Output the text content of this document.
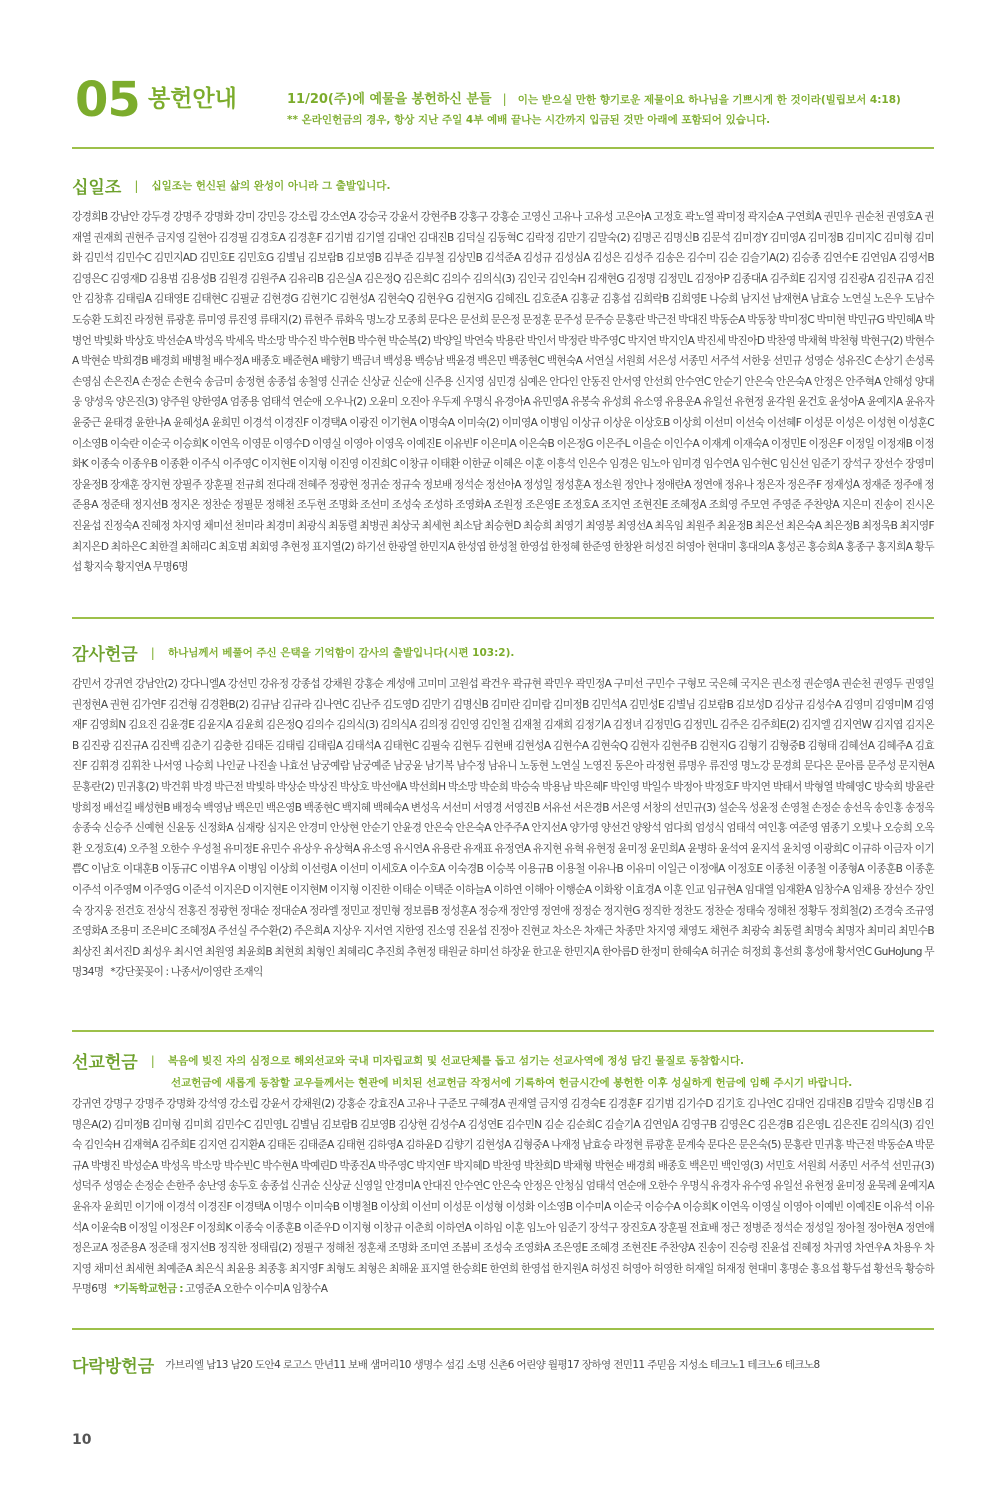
05 봉헌안내	11/20(주)에 예물을 봉헌하신 분들 | 이는 받으실 만한 향기로운 제물이요 하나님을 기쁘시게 한 것이라(빌립보서 4:18)
** 온라인헌금의 경우, 항상 지난 주일 4부 예배 끝나는 시간까지 입금된 것만 아래에 포함되어 있습니다.
십일조 | 십일조는 헌신된 삶의 완성이 아니라 그 출발입니다.
강경희B 강남안 강두경 강명주 강명화 강미 강민응 강소립 강소연A 강승국 강윤서 강현주B 강홍구 강홍순 고영신 고유나 고유성 고은아A 고정호 곽노열 곽미정 곽지순A 구연희A 권민우 권순천 권영호A 권재열 권재희 권현주 금지영 길현아 김경필 김경호A 김경훈F 김기범 김기열 김대언 김대진B 김덕실 김동혁C 김락정 김만기 김말숙(2) 김명곤 김명신B 김문석 김미경Y 김미영A 김미정B 김미지C 김미형 김미화 김민석 김민수C 김민지AD 김민호E 김민호G 김별님 김보람B 김보영B 김부준 김부철 김상민B 김석준A 김성규 김성심A 김성은 김성주 김송은 김수미 김순 김슬기A(2) 김승종 김연수E 김연임A 김영서B 김영은C 김영재D 김용범 김용성B 김원경 김원주A 김유리B 김은실A 김은정Q 김은희C 김의수 김의식(3) 김인국 김인숙H 김재현G 김정명 김정민L 김정아P 김종대A 김주희E 김지영 김진광A 김진규A 김진안 김창휴 김태림A 김태영E 김태현C 김필균 김현경G 김현기C 김현성A 김현숙Q 김현우G 김현지G 김혜진L 김호준A 김홍균 김홍섭 김희락B 김희영E 나승희 남지선 남재현A 남효승 노연실 노은우 도남수 도승환 도희진 라정현 류광훈 류미영 류진영 류태지(2) 류현주 류화옥 명노강 모종희 문다은 문선희 문은정 문정훈 문주성 문주승 문홍란 박근전 박대진 박동순A 박동창 박미정C 박미현 박민규G 박민혜A 박병언 박빛화 박상호 박선순A 박성옥 박세옥 박소망 박수진 박수현B 박수현 박순복(2) 박양일 박연숙 박용란 박인서 박정란 박주영C 박지연 박지인A 박진세 박진아D 박찬영 박채혁 박천형 박현구(2) 박현수A 박현순 박희경B 배경희 배병철 배수정A 배종호 배준현A 배향기 백금녀 백성용 백승남 백윤경 백은민 백종현C 백현숙A 서연실 서원희 서은성 서종민 서주석 서한웅 선민규 성영순 성유진C 손상기 손성록 손영심 손은진A 손정순 손현숙 송금미 송정현 송종섭 송철영 신귀순 신상균 신순애 신주용 신지영 심민경 심예은 안다인 안동진 안서영 안선희 안수연C 안순기 안은숙 안은숙A 안정은 안주혁A 안해성 양대웅 양성욱 양은진(3) 양주원 양한영A 엄종용 엄태석 연순애 오우나(2) 오윤미 오진아 우두제 우명식 유경아A 유민영A 유봉숙 유성희 유소영 유용운A 유일선 유현정 윤각원 윤건호 윤성아A 윤예지A 윤유자 윤중근 윤태경 윤한나A 윤혜성A 윤희민 이경석 이경진F 이경택A 이광진 이기현A 이명숙A 이미숙(2) 이미영A 이병임 이상규 이상운 이상호B 이상희 이선미 이선숙 이선혜F 이성문 이성은 이성현 이성훈C 이소영B 이숙란 이순국 이승희K 이연옥 이영문 이영수D 이영실 이영아 이영옥 이예진E 이유빈F 이은미A 이은숙B 이은정G 이은주L 이을순 이인수A 이재계 이재숙A 이정민E 이정은F 이정일 이정재B 이정화K 이종숙 이종우B 이종환 이주식 이주영C 이지현E 이지형 이진영 이진희C 이창규 이태환 이한균 이혜은 이훈 이흥석 인은수 임경은 임노아 임미경 임수연A 임수현C 임신선 임준기 장석구 장선수 장영미 장윤정B 장재훈 장지현 장필주 장훈필 전규희 전다래 전혜주 정광현 정귀순 정규숙 정보배 정석순 정선아A 정성일 정성훈A 정소원 정안나 정애란A 정연애 정유나 정은자 정은주F 정재성A 정재준 정주애 정준용A 정준태 정지선B 정지온 정찬순 정필문 정해천 조두현 조명화 조선미 조성숙 조성하 조영화A 조원정 조은영E 조정호A 조지연 조현진E 조혜정A 조희영 주모연 주영준 주찬양A 지은미 진송이 진시온 진윤섭 진정숙A 진혜정 차지영 채미선 천미라 최경미 최광식 최동렬 최병권 최상국 최세현 최소담 최승현D 최승희 최영기 최영봉 최영선A 최옥임 최원주 최윤정B 최은선 최은숙A 최은정B 최정욱B 최지영F 최지은D 최하은C 최한결 최해리C 최호범 최회영 추현정 표지열(2) 하기선 한광열 한민지A 한성엽 한성철 한영섭 한정혜 한준영 한창완 허성진 허영아 현대미 홍대의A 홍성곤 홍승희A 홍종구 홍지희A 황두섭 황지숙 황지연A 무명6명
감사헌금 | 하나님께서 베풀어 주신 은택을 기억함이 감사의 출발입니다(시편 103:2).
감민서 강귀연 강남안(2) 강다니엘A 강선민 강유정 강종섭 강채원 강홍순 계성애 고미미 고원섭 곽건우 곽규현 곽민우 곽민정A 구미선 구민수 구형모 국은혜 국지은 권소정 권순영A 권순천 권영두 권영일 권정현A 권현 김가연F 김건형 김경환B(2) 김규남 김규라 김나연C 김난주 김도영D 김만기 김명신B 김미란 김미람 김미정B 김민석A 김민성E 김별님 김보람B 김보성D 김상규 김성수A 김영미 김영미M 김영재F 김영희N 김요진 김윤경E 김윤지A 김윤희 김은정Q 김의수 김의식(3) 김의식A 김의정 김인영 김인철 김재철 김재희 김정기A 김정녀 김정민G 김정민L 김주은 김주희E(2) 김지엘 김지연W 김지엽 김지온B 김진광 김진규A 김진백 김춘기 김충한 김태돈 김태림 김태림A 김태석A 김태현C 김필숙 김현두 김현배 김현성A 김현수A 김현숙Q 김현자 김현주B 김현지G 김형기 김형중B 김형태 김혜선A 김혜주A 김효진F 김휘경 김휘찬 나서영 나승희 나인균 나진솔 나효선 남궁예람 남궁예준 남궁윤 남기복 남수정 남유니 노동현 노연실 노영진 동은아 라정현 류명우 류진영 명노강 문경희 문다은 문아름 문주성 문지현A 문홍란(2) 민귀홍(2) 박건휘 박경 박근전 박빛하 박상순 박상진 박상호 박선애A 박선희H 박소망 박순희 박승숙 박용남 박은혜F 박인영 박일수 박정아 박정호F 박지연 박태서 박형열 박혜영C 방숙희 방윤란 방희정 배선길 배성현B 배정숙 백영남 백은민 백은영B 백종현C 백지혜 백혜숙A 변성옥 서선미 서영경 서영진B 서유선 서은경B 서은영 서창의 선민규(3) 설순옥 성윤정 손영철 손정순 송선옥 송인홍 송정옥 송종숙 신승주 신예현 신윤동 신정화A 심재랑 심지은 안경미 안상현 안순기 안윤경 안은숙 안은숙A 안주주A 안지선A 양가영 양선건 양왕석 엄다희 엄성식 엄태석 여인홍 여준영 염종기 오빛나 오승희 오옥환 오정호(4) 오주철 오한수 우성철 유미정E 유민수 유상우 유상혁A 유소영 유시연A 유용란 유재표 유정연A 유지현 유혁 유현정 윤미정 윤민희A 윤병하 윤석여 윤지석 윤치영 이광희C 이규하 이금자 이기쁨C 이남호 이대훈B 이동규C 이범우A 이병임 이상희 이선령A 이선미 이세호A 이수호A 이숙경B 이승복 이용규B 이용철 이유나B 이유미 이일근 이정애A 이정호E 이종천 이종철 이종형A 이종훈B 이종훈 이주석 이주영M 이주영G 이준석 이지은D 이지현E 이지현M 이지형 이진한 이태순 이택준 이하늘A 이하연 이해아 이행순A 이화왕 이효경A 이훈 인교 임규현A 임대열 임재환A 임창수A 임채용 장선수 장인숙 장지웅 전건호 전상식 전홍진 정광현 정대순 정대순A 정라엘 정민교 정민형 정보름B 정성훈A 정승재 정안영 정연애 정정순 정지현G 정직한 정찬도 정찬순 정태숙 정해천 정황두 정희철(2) 조경숙 조규영 조영화A 조용미 조은비C 조혜정A 주선실 주수환(2) 주은희A 지상우 지서연 지한영 진소영 진윤섭 진정아 진현교 차소은 차재근 차종만 차지영 채영도 채현주 최광숙 최동렬 최명숙 최명자 최미리 최민수B 최상진 최서진D 최성우 최시연 최원영 최윤희B 최현희 최형인 최혜리C 추진희 추현정 태원균 하미선 하장윤 한고운 한민지A 한아름D 한정미 한혜숙A 허귀순 허정희 홍선희 홍성애 황서연C GuHoJung 무명34명 *강단꽃꽂이 : 나종서/이영란 조재익
선교헌금 | 복음에 빚진 자의 심정으로 해외선교와 국내 미자립교회 및 선교단체를 돕고 섬기는 선교사역에 정성 담긴 물질로 동참합시다.
선교헌금에 새롭게 동참할 교우들께서는 현관에 비치된 선교헌금 작정서에 기록하여 헌금시간에 봉헌한 이후 성실하게 헌금에 임해 주시기 바랍니다.
강귀연 강명구 강명주 강명화 강석영 강소립 강윤서 강채원(2) 강홍순 강효진A 고유나 구준모 구혜경A 권재열 금지영 김경숙E 김경훈F 김기범 김기수D 김기호 김나연C 김대언 김대진B 김말숙 김명신B 김명은A(2) 김미정B 김미형 김미희 김민수C 김민영L 김별님 김보람B 김보영B 김상현 김성수A 김성연E 김수민N 김순 김순희C 김슬기A 김연임A 김영구B 김영은C 김은경B 김은영L 김은진E 김의식(3) 김인숙 김인숙H 김재혁A 김주희E 김지연 김지환A 김태돈 김태준A 김태현 김하영A 김하윤D 김향기 김현성A 김형중A 나재정 남효승 라정현 류광훈 문계숙 문다은 문은숙(5) 문홍란 민귀홍 박근전 박동순A 박문규A 박병진 박성순A 박성옥 박소망 박수빈C 박수현A 박예린D 박종진A 박주영C 박지연F 박지혜D 박찬영 박찬희D 박채형 박현순 배경희 배종호 백은민 백인영(3) 서민호 서원희 서종민 서주석 선민규(3) 성덕주 성영순 손정순 손한주 송난영 송두호 송종섭 신귀순 신상균 신영일 안경미A 안대진 안수연C 안은숙 안정은 안청심 엄태석 연순애 오한수 우명식 유경자 유수영 유일선 유현정 윤미정 윤묵례 윤예지A 윤유자 윤희민 이기애 이경석 이경진F 이경택A 이명수 이미숙B 이병철B 이상희 이선미 이성문 이성형 이성화 이소영B 이수미A 이순국 이승수A 이승희K 이연옥 이영실 이영아 이예빈 이예진E 이유석 이유석A 이윤숙B 이정일 이정은F 이정희K 이종숙 이종훈B 이준우D 이지형 이창규 이춘희 이하연A 이하임 이훈 임노아 임준기 장석구 장진호A 장훈필 전효배 정근 정병준 정석순 정성일 정아철 정아현A 정연애 정은교A 정준용A 정준태 정지선B 정직한 정태림(2) 정필구 정해천 정훈채 조명화 조미연 조봄비 조성숙 조영화A 조은영E 조혜경 조현진E 주찬양A 진송이 진승령 진윤섭 진혜정 차귀영 차연우A 차용우 차지영 채미선 최세현 최예준A 최은식 최윤용 최종홍 최지영F 최형도 최형은 최해윤 표지열 한승희E 한연희 한영섭 한지원A 허성진 허영아 허영한 허재일 허재정 현대미 홍명순 홍요섭 황두섭 황선욱 황승하 무명6명 *기독학교헌금 : 고영준A 오한수 이수미A 임창수A
다락방헌금 가브리엘 남13 남20 도안4 로고스 만년11 보배 샘머리10 생명수 섬김 소명 신촌6 어린양 월평17 장하영 전민11 주믿음 지성소 테크노1 테크노6 테크노8
10
